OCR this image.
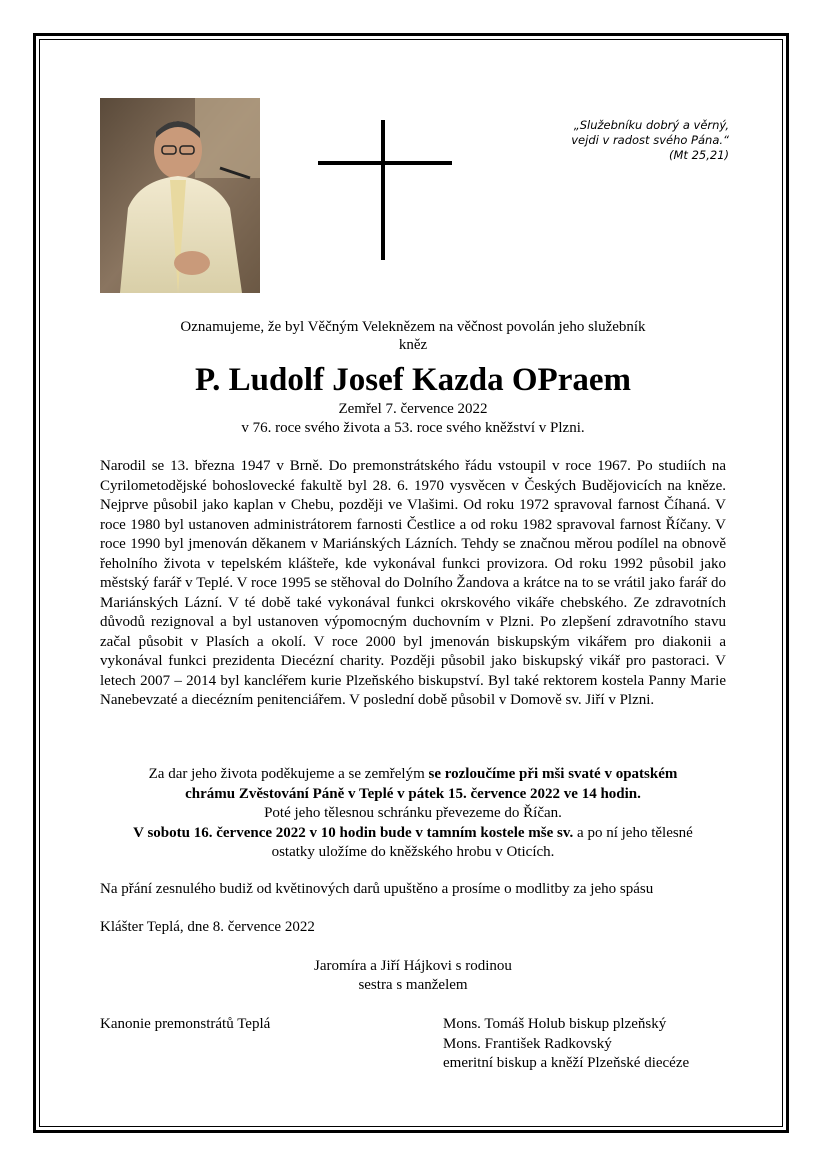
„Služebníku dobrý a věrný,
vejdi v radost svého Pána.“
(Mt 25,21)
Oznamujeme, že byl Věčným Veleknězem na věčnost povolán jeho služebník
kněz
P. Ludolf Josef Kazda OPraem
Zemřel 7. července 2022
v 76. roce svého života a 53. roce svého kněžství v Plzni.
Narodil se 13. března 1947 v Brně. Do premonstrátského řádu vstoupil v roce 1967. Po studiích na Cyrilometodějské bohoslovecké fakultě byl 28. 6. 1970 vysvěcen v Českých Budějovicích na kněze. Nejprve působil jako kaplan v Chebu, později ve Vlašimi. Od roku 1972 spravoval farnost Číhaná. V roce 1980 byl ustanoven administrátorem farnosti Čestlice a od roku 1982 spravoval farnost Říčany. V roce 1990 byl jmenován děkanem v Mariánských Lázních. Tehdy se značnou měrou podílel na obnově řeholního života v tepelském klášteře, kde vykonával funkci provizora. Od roku 1992 působil jako městský farář v Teplé. V roce 1995 se stěhoval do Dolního Žandova a krátce na to se vrátil jako farář do Mariánských Lázní. V té době také vykonával funkci okrskového vikáře chebského. Ze zdravotních důvodů rezignoval a byl ustanoven výpomocným duchovním v Plzni. Po zlepšení zdravotního stavu začal působit v Plasích a okolí. V roce 2000 byl jmenován biskupským vikářem pro diakonii a vykonával funkci prezidenta Diecézní charity. Později působil jako biskupský vikář pro pastoraci. V letech 2007 – 2014 byl kancléřem kurie Plzeňského biskupství. Byl také rektorem kostela Panny Marie Nanebevzaté a diecézním penitenciářem. V poslední době působil v Domově sv. Jiří v Plzni.
Za dar jeho života poděkujeme a se zemřelým se rozloučíme při mši svaté v opatském
chrámu Zvěstování Páně v Teplé v pátek 15. července 2022 ve 14 hodin.
Poté jeho tělesnou schránku převezeme do Říčan.
V sobotu 16. července 2022 v 10 hodin bude v tamním kostele mše sv. a po ní jeho tělesné
ostatky uložíme do kněžského hrobu v Oticích.
Na přání zesnulého budiž od květinových darů upuštěno a prosíme o modlitby za jeho spásu
Klášter Teplá, dne 8. července 2022
Jaromíra a Jiří Hájkovi s rodinou
sestra s manželem
Kanonie premonstrátů Teplá	Mons. Tomáš Holub biskup plzeňský
Mons. František Radkovský
emeritní biskup a kněží Plzeňské diecéze
